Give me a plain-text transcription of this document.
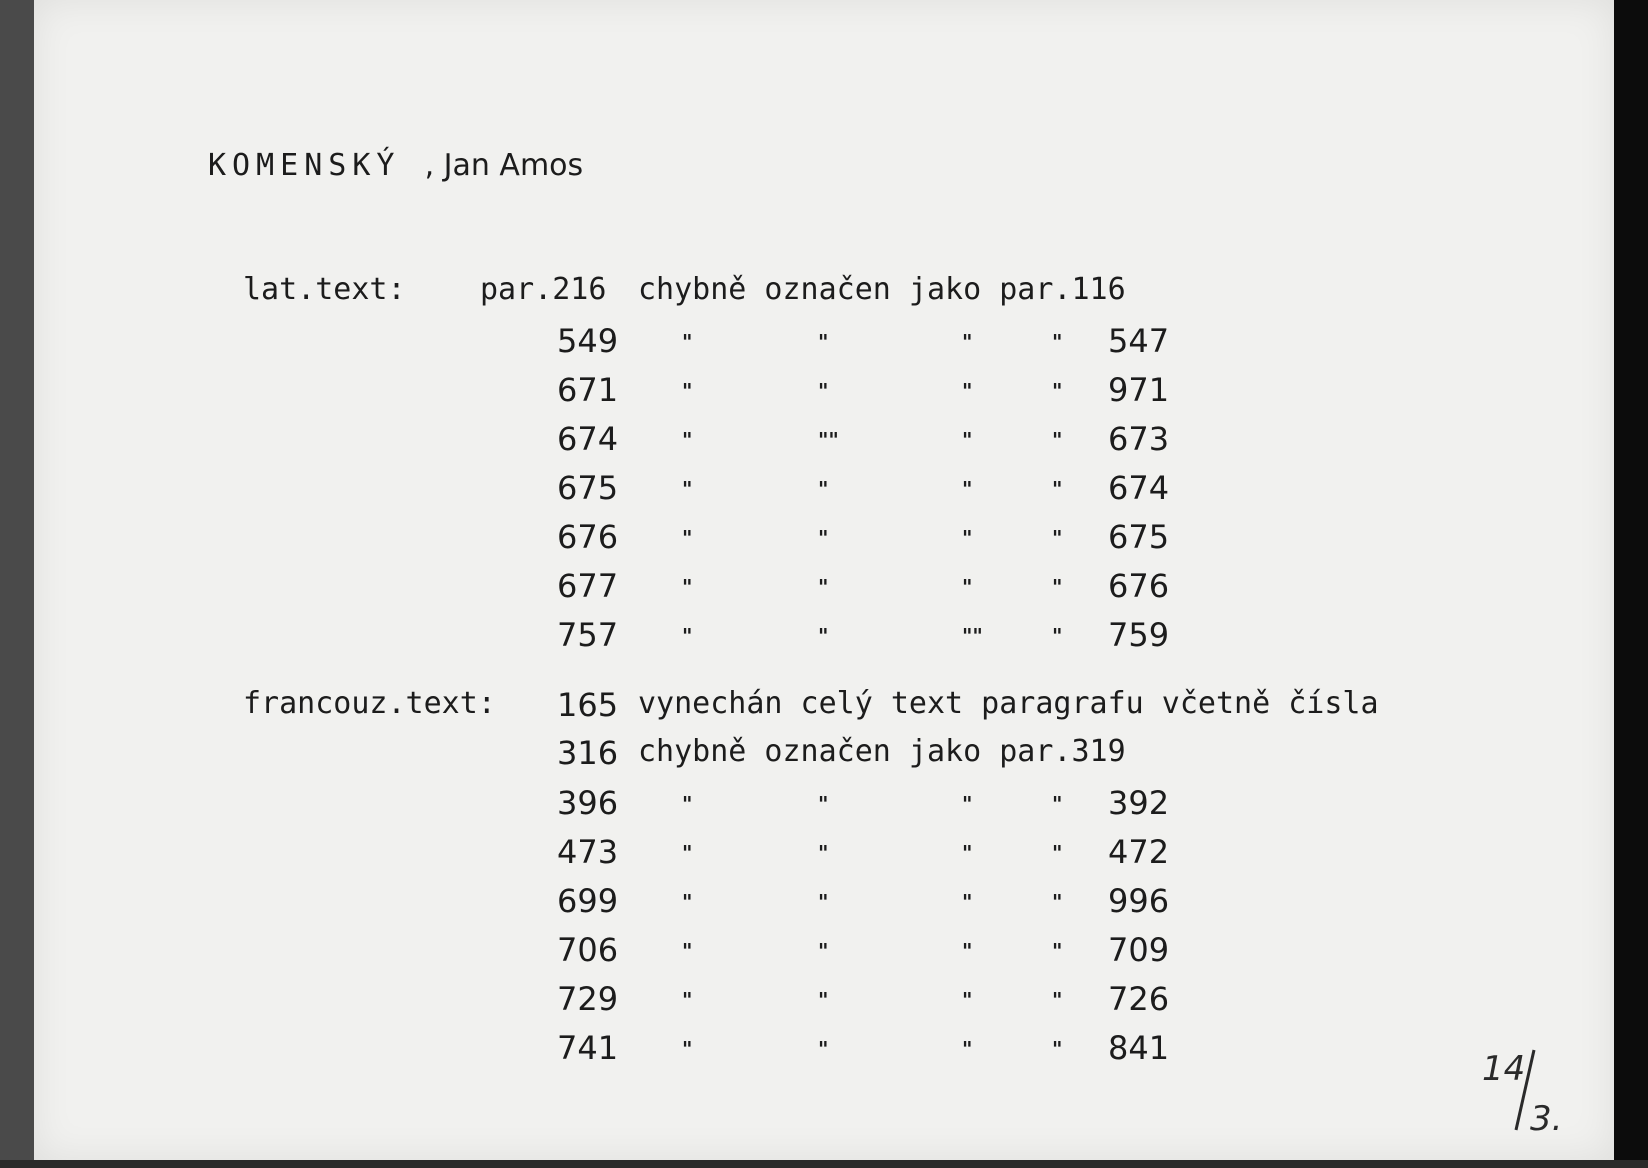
KOMENSKÝ , Jan Amos
lat.text: par.216 chybně označen jako par.116
549	"	"	"	" 547
671	"	"	"	" 971
674	"	""	"	" 673
675	"	"	"	" 674
676	"	"	"	" 675
677	"	"	"	" 676
757	"	"	""	" 759
francouz.text: 165 vynechán celý text paragrafu včetně čísla
316 chybně označen jako par.319
396	"	"	"	" 392
473	"	"	"	" 472
699	"	"	"	" 996
706	"	"	"	" 709
729	"	"	"	" 726
741	"	"	"	" 841
14
3.
